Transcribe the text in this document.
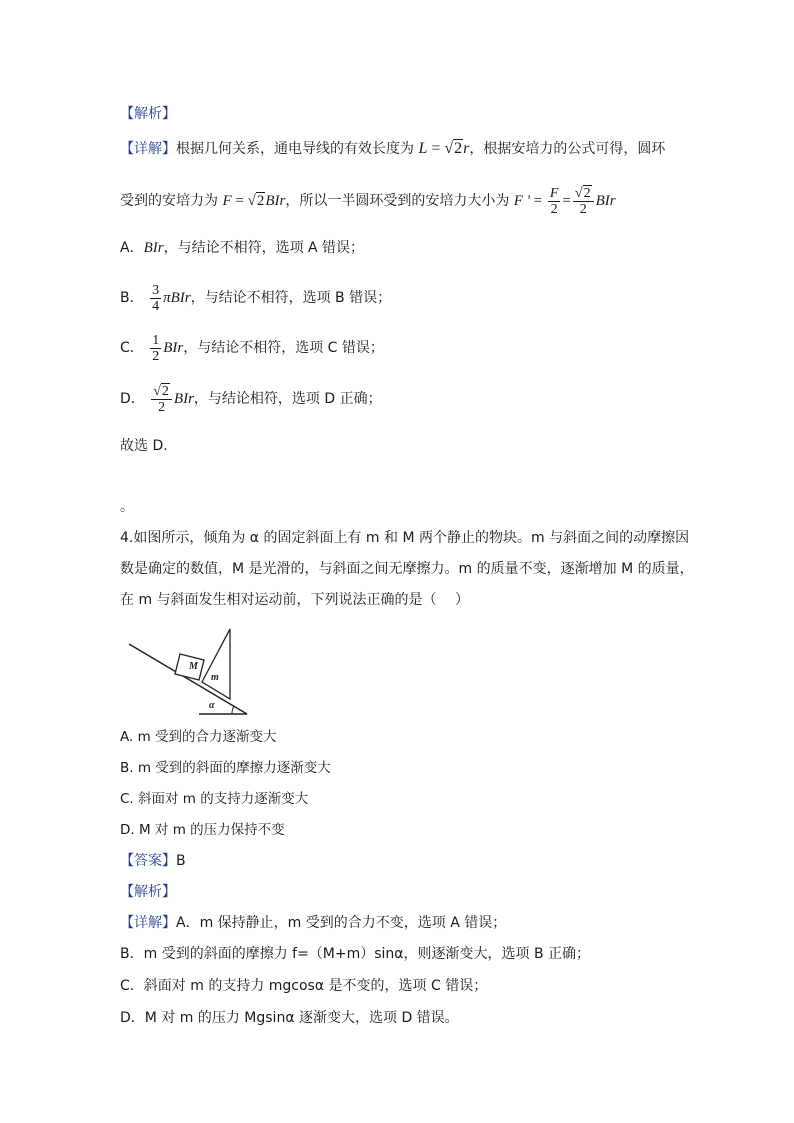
【解析】
【详解】根据几何关系，通电导线的有效长度为 L = √2r，根据安培力的公式可得，圆环
受到的安培力为 F = √2BIr，所以一半圆环受到的安培力大小为 F ' = $\frac{F}{2} = \frac{√2}{2}$ BIr
A．BIr，与结论不相符，选项 A 错误；
B． $\frac{3}{4}$ πBIr，与结论不相符，选项 B 错误；
C． $\frac{1}{2}$ BIr，与结论不相符，选项 C 错误；
D． $\frac{√2}{2}$ BIr，与结论相符，选项 D 正确；
故选 D.
。
4.如图所示，倾角为 α 的固定斜面上有 m 和 M 两个静止的物块。m 与斜面之间的动摩擦因
数是确定的数值，M 是光滑的，与斜面之间无摩擦力。m 的质量不变，逐渐增加 M 的质量，
在 m 与斜面发生相对运动前，下列说法正确的是（　 ）
M
m
α
A. m 受到的合力逐渐变大
B. m 受到的斜面的摩擦力逐渐变大
C. 斜面对 m 的支持力逐渐变大
D. M 对 m 的压力保持不变
【答案】B
【解析】
【详解】A．m 保持静止，m 受到的合力不变，选项 A 错误；
B．m 受到的斜面的摩擦力 f=（M+m）sinα，则逐渐变大，选项 B 正确；
C．斜面对 m 的支持力 mgcosα 是不变的，选项 C 错误；
D．M 对 m 的压力 Mgsinα 逐渐变大，选项 D 错误。
